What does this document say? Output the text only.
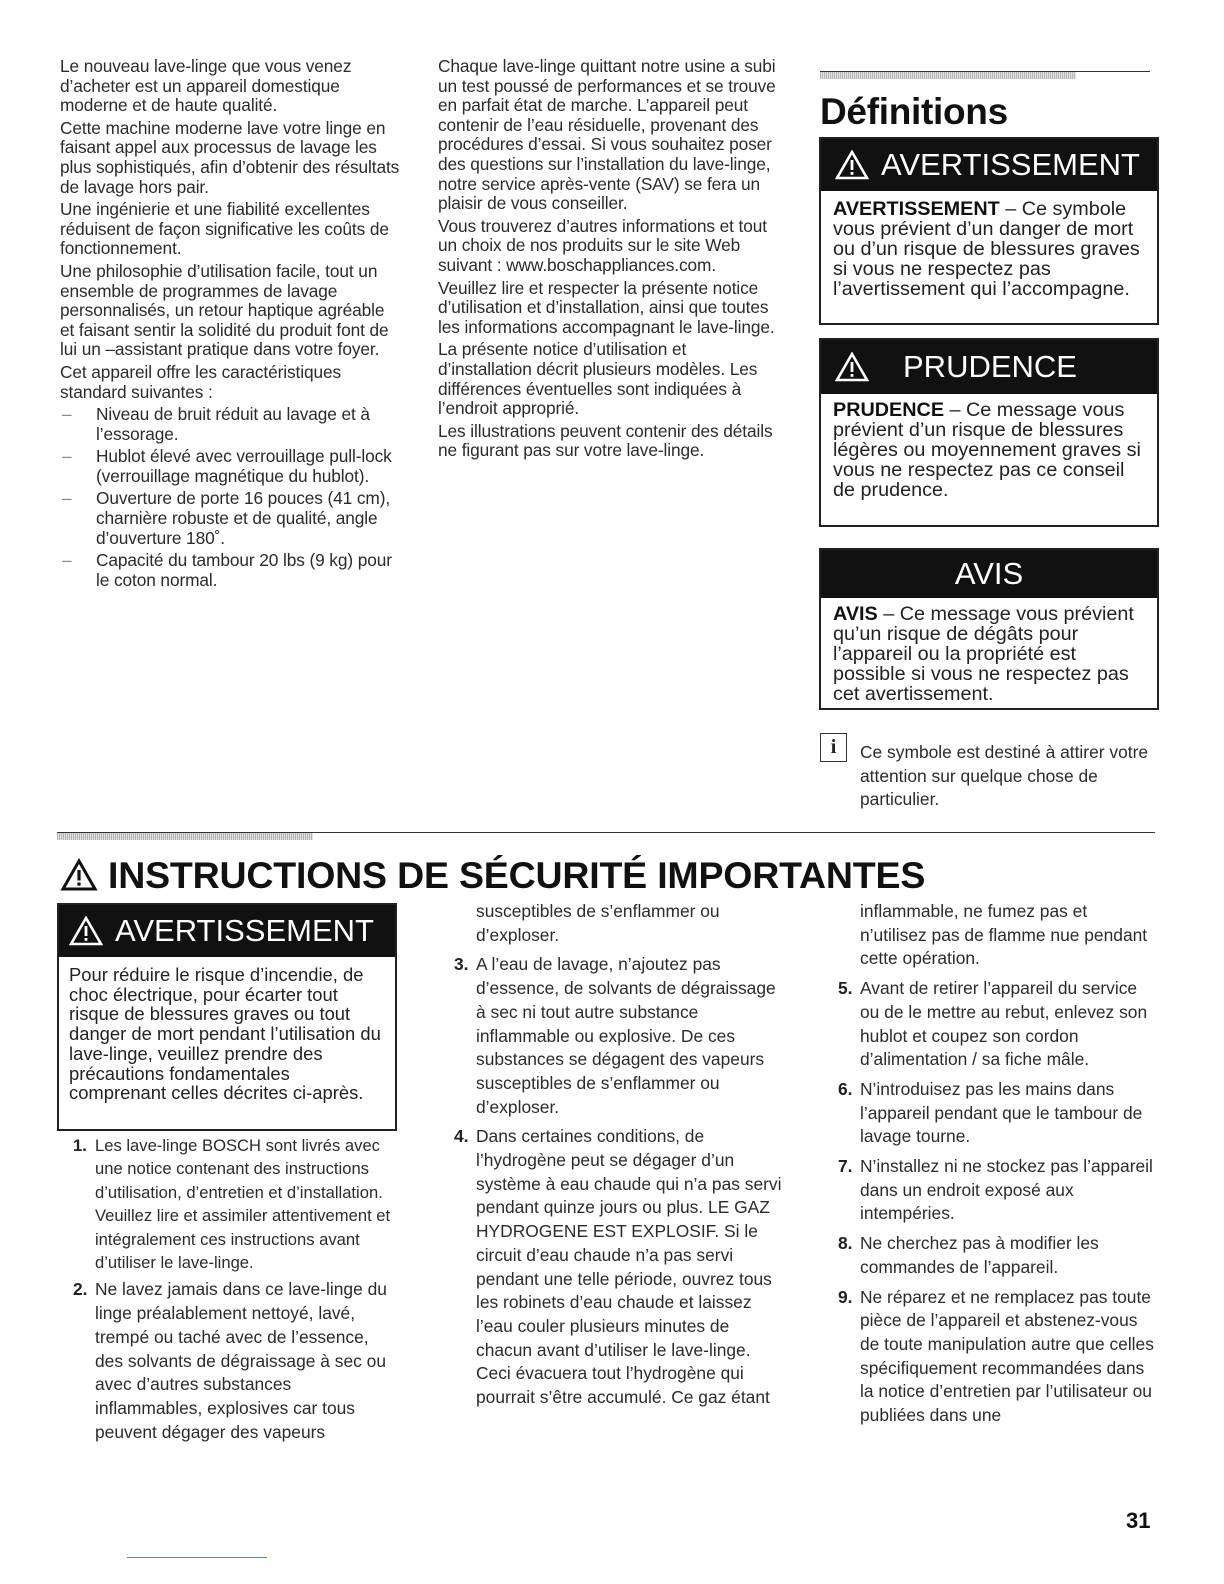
Le nouveau lave-linge que vous venez d’acheter est un appareil domestique moderne et de haute qualité.

Cette machine moderne lave votre linge en faisant appel aux processus de lavage les plus sophistiqués, afin d’obtenir des résultats de lavage hors pair.

Une ingénierie et une fiabilité excellentes réduisent de façon significative les coûts de fonctionnement.

Une philosophie d’utilisation facile, tout un ensemble de programmes de lavage personnalisés, un retour haptique agréable et faisant sentir la solidité du produit font de lui un –assistant pratique dans votre foyer.

Cet appareil offre les caractéristiques standard suivantes :

– Niveau de bruit réduit au lavage et à l’essorage.
– Hublot élevé avec verrouillage pull-lock (verrouillage magnétique du hublot).
– Ouverture de porte 16 pouces (41 cm), charnière robuste et de qualité, angle d’ouverture 180˚.
– Capacité du tambour 20 lbs (9 kg) pour le coton normal.

Chaque lave-linge quittant notre usine a subi un test poussé de performances et se trouve en parfait état de marche. L’appareil peut contenir de l’eau résiduelle, provenant des procédures d’essai. Si vous souhaitez poser des questions sur l’installation du lave-linge, notre service après-vente (SAV) se fera un plaisir de vous conseiller.

Vous trouverez d’autres informations et tout un choix de nos produits sur le site Web suivant : www.boschappliances.com.

Veuillez lire et respecter la présente notice d’utilisation et d’installation, ainsi que toutes les informations accompagnant le lave-linge.

La présente notice d’utilisation et d’installation décrit plusieurs modèles. Les différences éventuelles sont indiquées à l’endroit approprié.

Les illustrations peuvent contenir des détails ne figurant pas sur votre lave-linge.

Définitions
AVERTISSEMENT
AVERTISSEMENT – Ce symbole vous prévient d’un danger de mort ou d’un risque de blessures graves si vous ne respectez pas l’avertissement qui l’accompagne.
PRUDENCE
PRUDENCE – Ce message vous prévient d’un risque de blessures légères ou moyennement graves si vous ne respectez pas ce conseil de prudence.
AVIS
AVIS – Ce message vous prévient qu’un risque de dégâts pour l’appareil ou la propriété est possible si vous ne respectez pas cet avertissement.
i	Ce symbole est destiné à attirer votre attention sur quelque chose de particulier.
INSTRUCTIONS DE SÉCURITÉ IMPORTANTES
AVERTISSEMENT
Pour réduire le risque d’incendie, de choc électrique, pour écarter tout risque de blessures graves ou tout danger de mort pendant l’utilisation du lave-linge, veuillez prendre des précautions fondamentales comprenant celles décrites ci-après.
1. Les lave-linge BOSCH sont livrés avec une notice contenant des instructions d’utilisation, d’entretien et d’installation. Veuillez lire et assimiler attentivement et intégralement ces instructions avant d’utiliser le lave-linge.
2. Ne lavez jamais dans ce lave-linge du linge préalablement nettoyé, lavé, trempé ou taché avec de l’essence, des solvants de dégraissage à sec ou avec d’autres substances inflammables, explosives car tous peuvent dégager des vapeurs
susceptibles de s’enflammer ou d’exploser.
3. A l’eau de lavage, n’ajoutez pas d’essence, de solvants de dégraissage à sec ni tout autre substance inflammable ou explosive. De ces substances se dégagent des vapeurs susceptibles de s’enflammer ou d’exploser.
4. Dans certaines conditions, de l’hydrogène peut se dégager d’un système à eau chaude qui n’a pas servi pendant quinze jours ou plus. LE GAZ HYDROGENE EST EXPLOSIF. Si le circuit d’eau chaude n’a pas servi pendant une telle période, ouvrez tous les robinets d’eau chaude et laissez l’eau couler plusieurs minutes de chacun avant d’utiliser le lave-linge. Ceci évacuera tout l’hydrogène qui pourrait s’être accumulé. Ce gaz étant
inflammable, ne fumez pas et n’utilisez pas de flamme nue pendant cette opération.
5. Avant de retirer l’appareil du service ou de le mettre au rebut, enlevez son hublot et coupez son cordon d’alimentation / sa fiche mâle.
6. N’introduisez pas les mains dans l’appareil pendant que le tambour de lavage tourne.
7. N’installez ni ne stockez pas l’appareil dans un endroit exposé aux intempéries.
8. Ne cherchez pas à modifier les commandes de l’appareil.
9. Ne réparez et ne remplacez pas toute pièce de l’appareil et abstenez-vous de toute manipulation autre que celles spécifiquement recommandées dans la notice d’entretien par l’utilisateur ou publiées dans une
31
